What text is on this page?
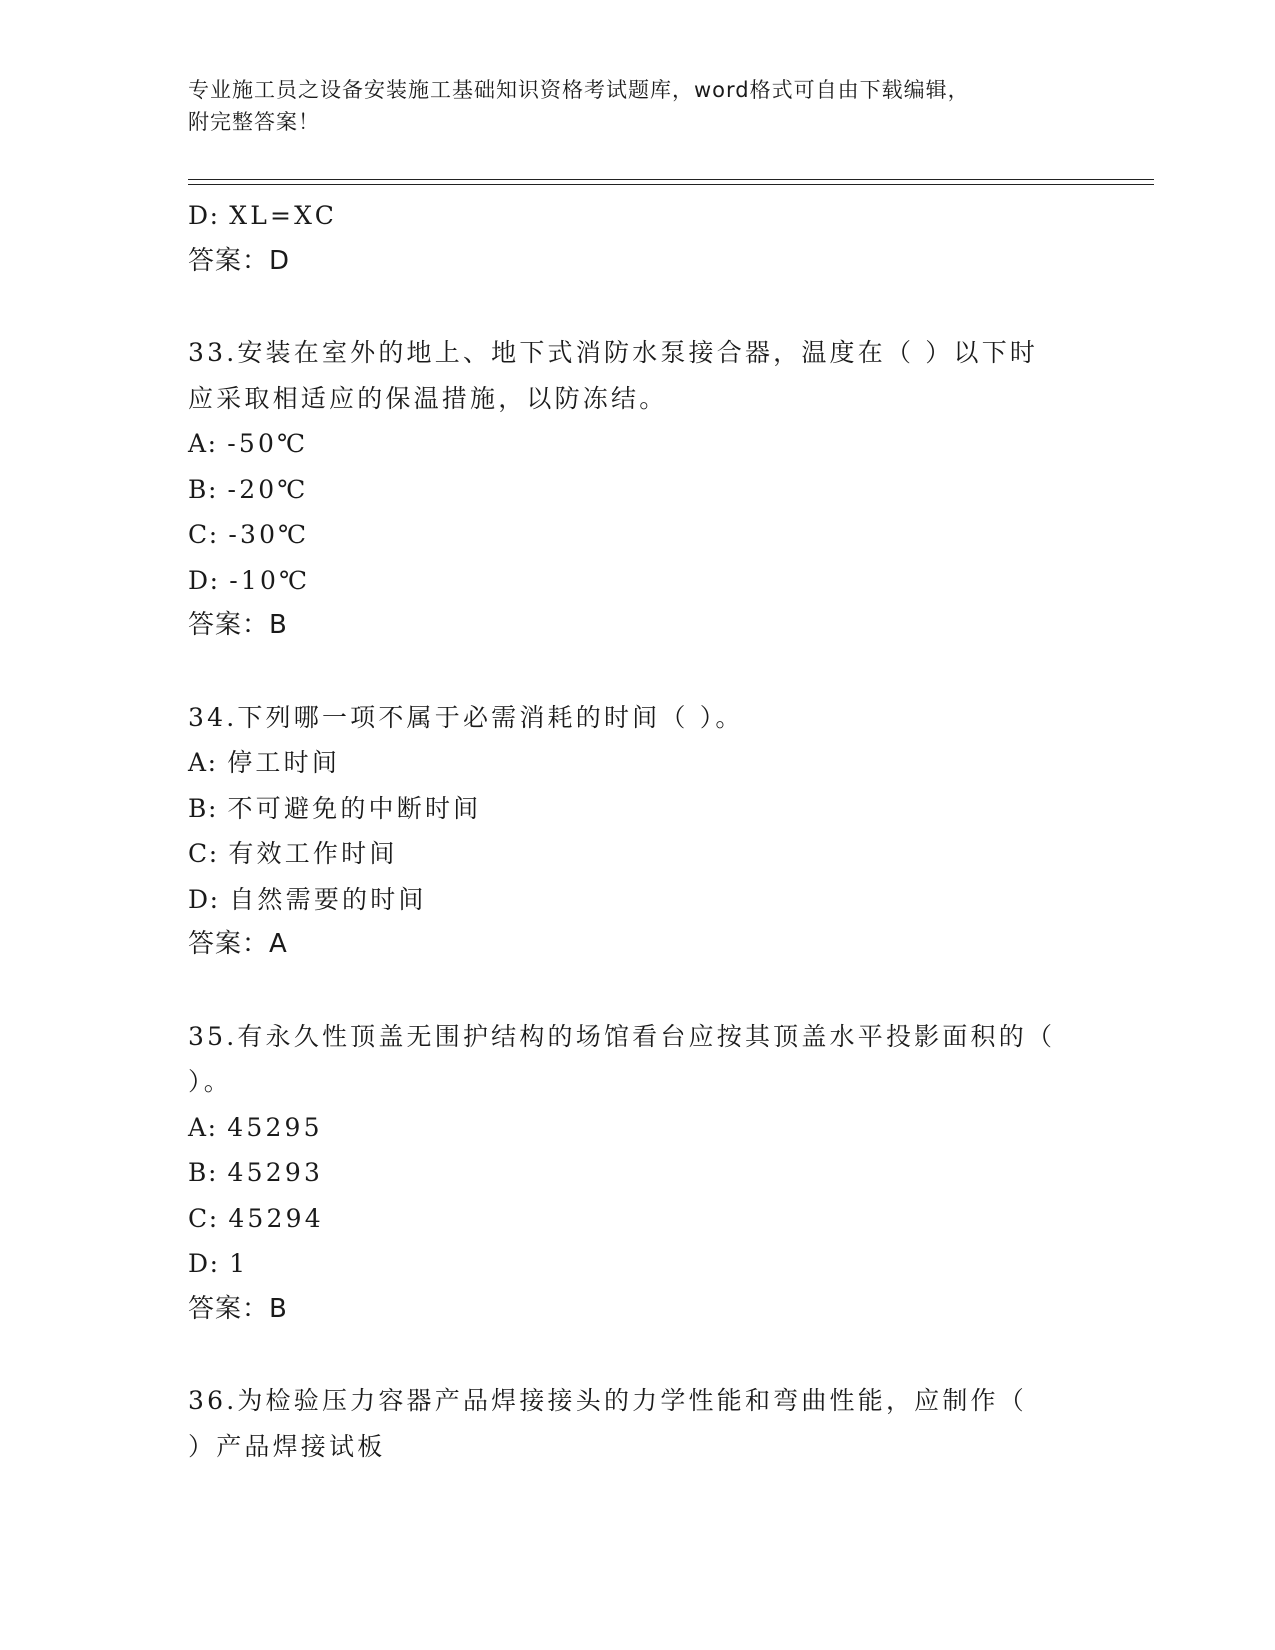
专业施工员之设备安装施工基础知识资格考试题库，word格式可自由下载编辑，
附完整答案！
D: XL=XC
答案：D
33.安装在室外的地上、地下式消防水泵接合器，温度在（ ）以下时
应采取相适应的保温措施，以防冻结。
A: -50℃
B: -20℃
C: -30℃
D: -10℃
答案：B
34.下列哪一项不属于必需消耗的时间（ ）。
A: 停工时间
B: 不可避免的中断时间
C: 有效工作时间
D: 自然需要的时间
答案：A
35.有永久性顶盖无围护结构的场馆看台应按其顶盖水平投影面积的（
）。
A: 45295
B: 45293
C: 45294
D: 1
答案：B
36.为检验压力容器产品焊接接头的力学性能和弯曲性能，应制作（
）产品焊接试板
